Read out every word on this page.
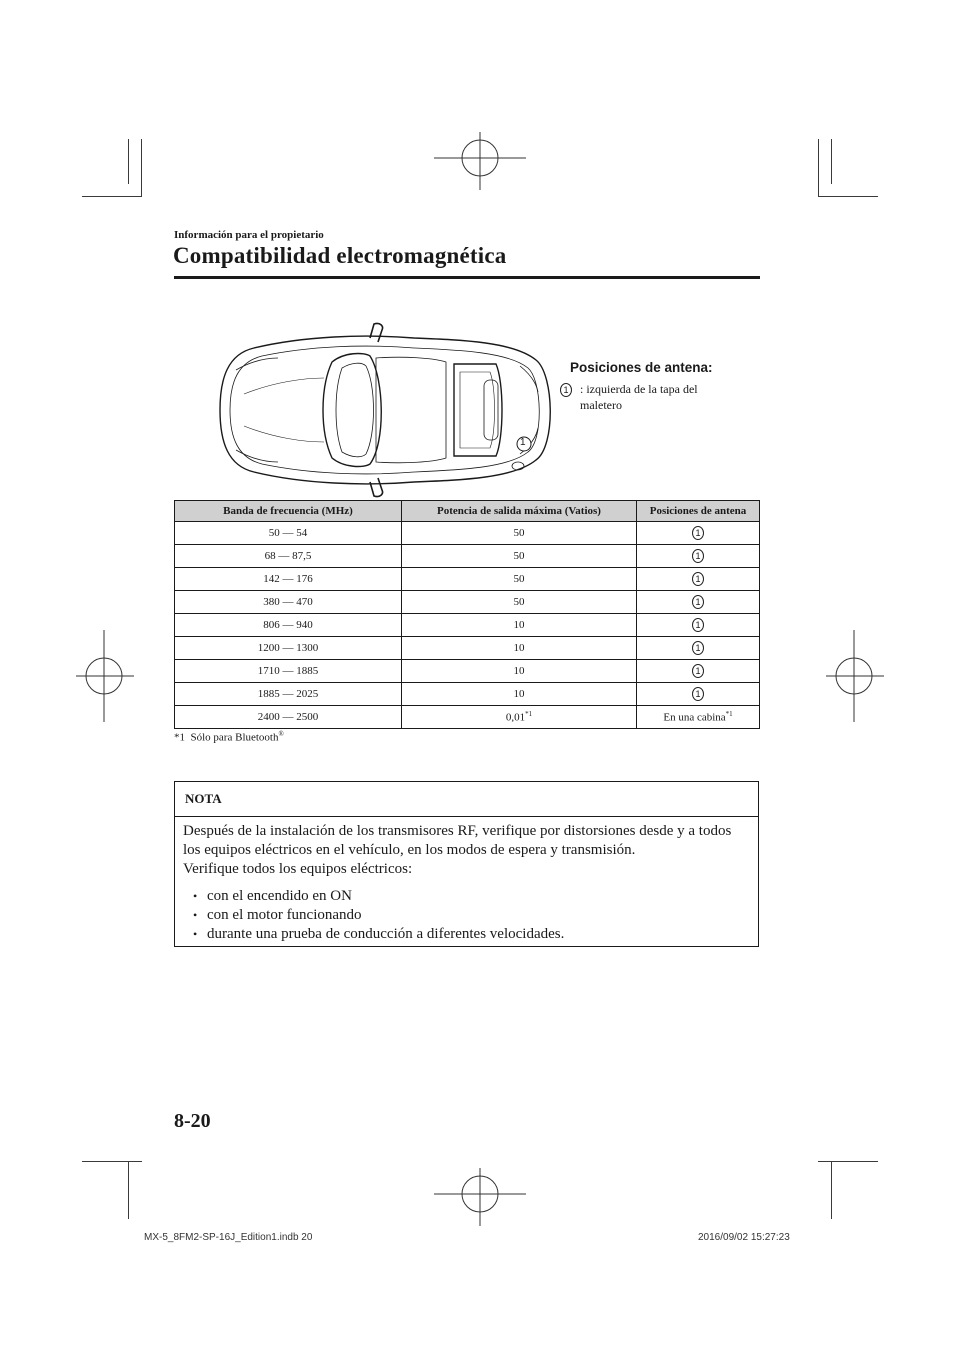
Información para el propietario
Compatibilidad electromagnética
1
Posiciones de antena:
1 : izquierda de la tapa del maletero
Banda de frecuencia (MHz)	Potencia de salida máxima (Vatios)	Posiciones de antena
50 — 54	50	1
68 — 87,5	50	1
142 — 176	50	1
380 — 470	50	1
806 — 940	10	1
1200 — 1300	10	1
1710 — 1885	10	1
1885 — 2025	10	1
2400 — 2500	0,01$^{*1}$	En una cabina$^{*1}$
*1 Sólo para Bluetooth®
NOTA

Después de la instalación de los transmisores RF, verifique por distorsiones desde y a todos los equipos eléctricos en el vehículo, en los modos de espera y transmisión.

Verifique todos los equipos eléctricos:

• con el encendido en ON
• con el motor funcionando
• durante una prueba de conducción a diferentes velocidades.
8-20
MX-5_8FM2-SP-16J_Edition1.indb 20	2016/09/02 15:27:23
